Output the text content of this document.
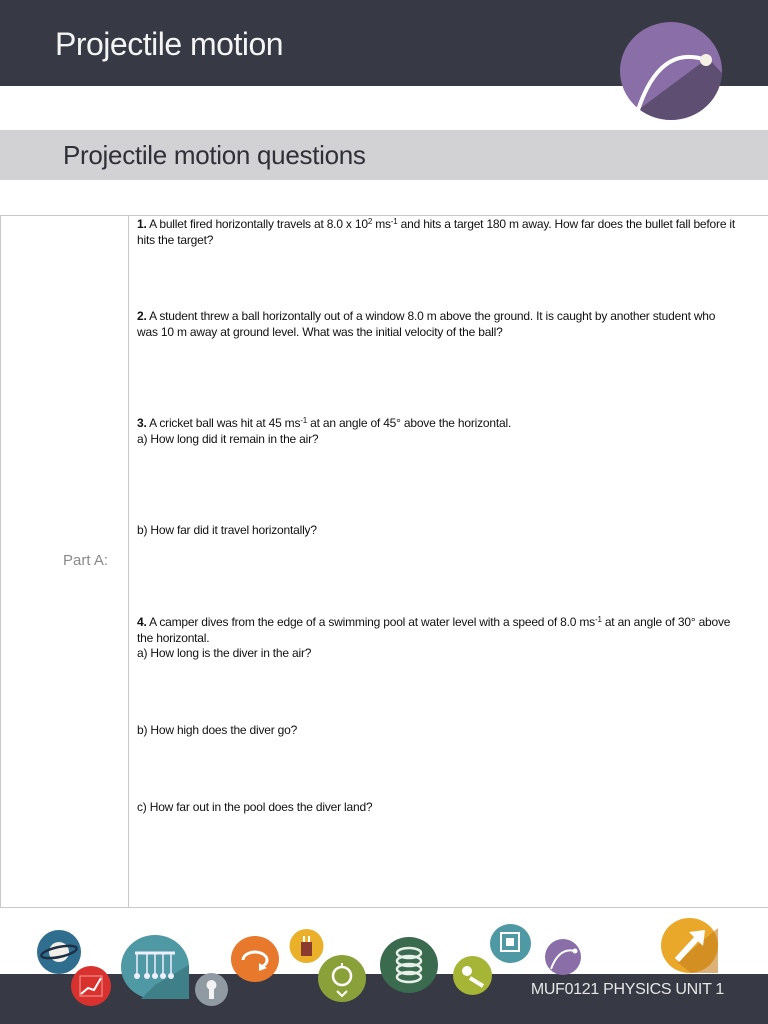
Projectile motion
Projectile motion questions
Part A:
1. A bullet fired horizontally travels at 8.0 x $10^2$ $ms^{-1}$ and hits a target 180 m away. How far does the bullet fall before it hits the target?
2. A student threw a ball horizontally out of a window 8.0 m above the ground. It is caught by another student who was 10 m away at ground level. What was the initial velocity of the ball?
3. A cricket ball was hit at 45 $ms^{-1}$ at an angle of 45° above the horizontal.
a) How long did it remain in the air?
b) How far did it travel horizontally?
4. A camper dives from the edge of a swimming pool at water level with a speed of 8.0 $ms^{-1}$ at an angle of 30° above the horizontal.
a) How long is the diver in the air?
b) How high does the diver go?
c) How far out in the pool does the diver land?
MUF0121 PHYSICS UNIT 1
